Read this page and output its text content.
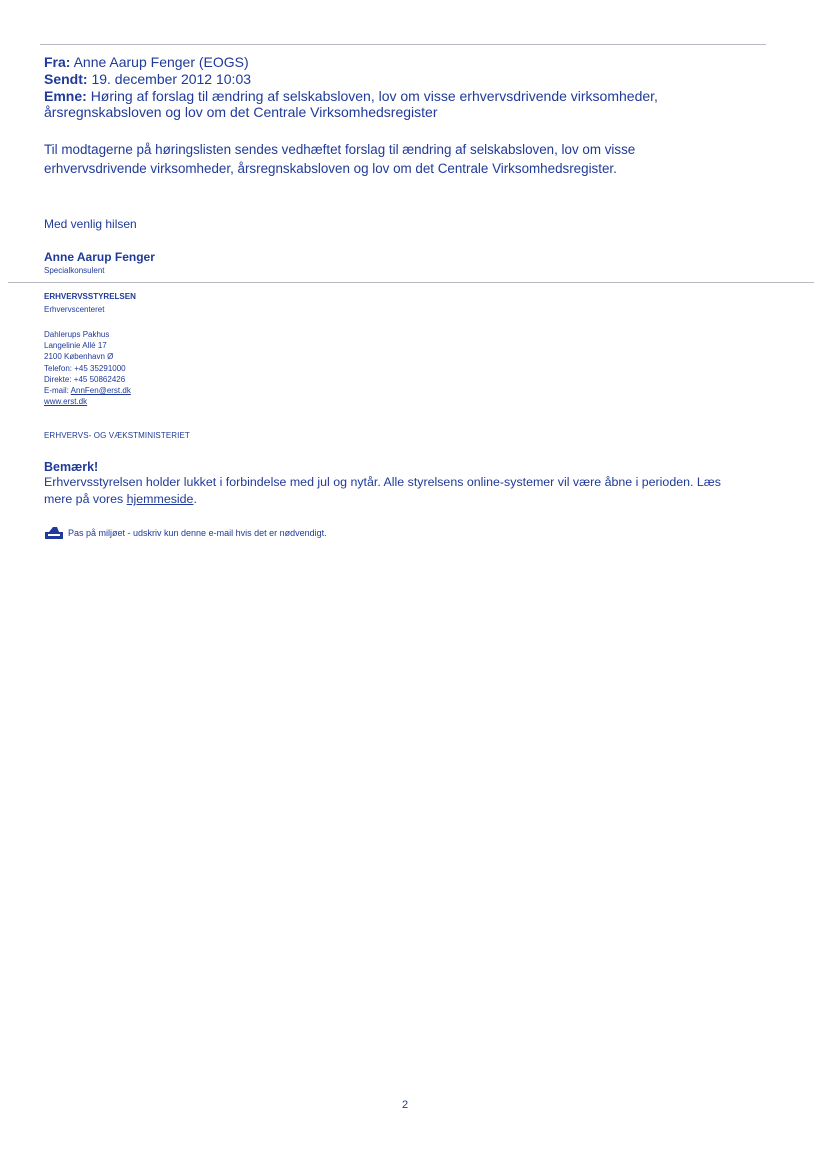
Fra: Anne Aarup Fenger (EOGS)
Sendt: 19. december 2012 10:03
Emne: Høring af forslag til ændring af selskabsloven, lov om visse erhvervsdrivende virksomheder,
årsregnskabsloven og lov om det Centrale Virksomhedsregister
Til modtagerne på høringslisten sendes vedhæftet forslag til ændring af selskabsloven, lov om visse
erhvervsdrivende virksomheder, årsregnskabsloven og lov om det Centrale Virksomhedsregister.
Med venlig hilsen
Anne Aarup Fenger
Specialkonsulent
ERHVERVSSTYRELSEN
Erhvervscenteret
Dahlerups Pakhus
Langelinie Allé 17
2100 København Ø
Telefon: +45 35291000
Direkte: +45 50862426
E-mail: AnnFen@erst.dk
www.erst.dk
ERHVERVS- OG VÆKSTMINISTERIET
Bemærk!
Erhvervsstyrelsen holder lukket i forbindelse med jul og nytår. Alle styrelsens online-systemer vil være åbne i perioden. Læs
mere på vores hjemmeside.
Pas på miljøet - udskriv kun denne e-mail hvis det er nødvendigt.
2
